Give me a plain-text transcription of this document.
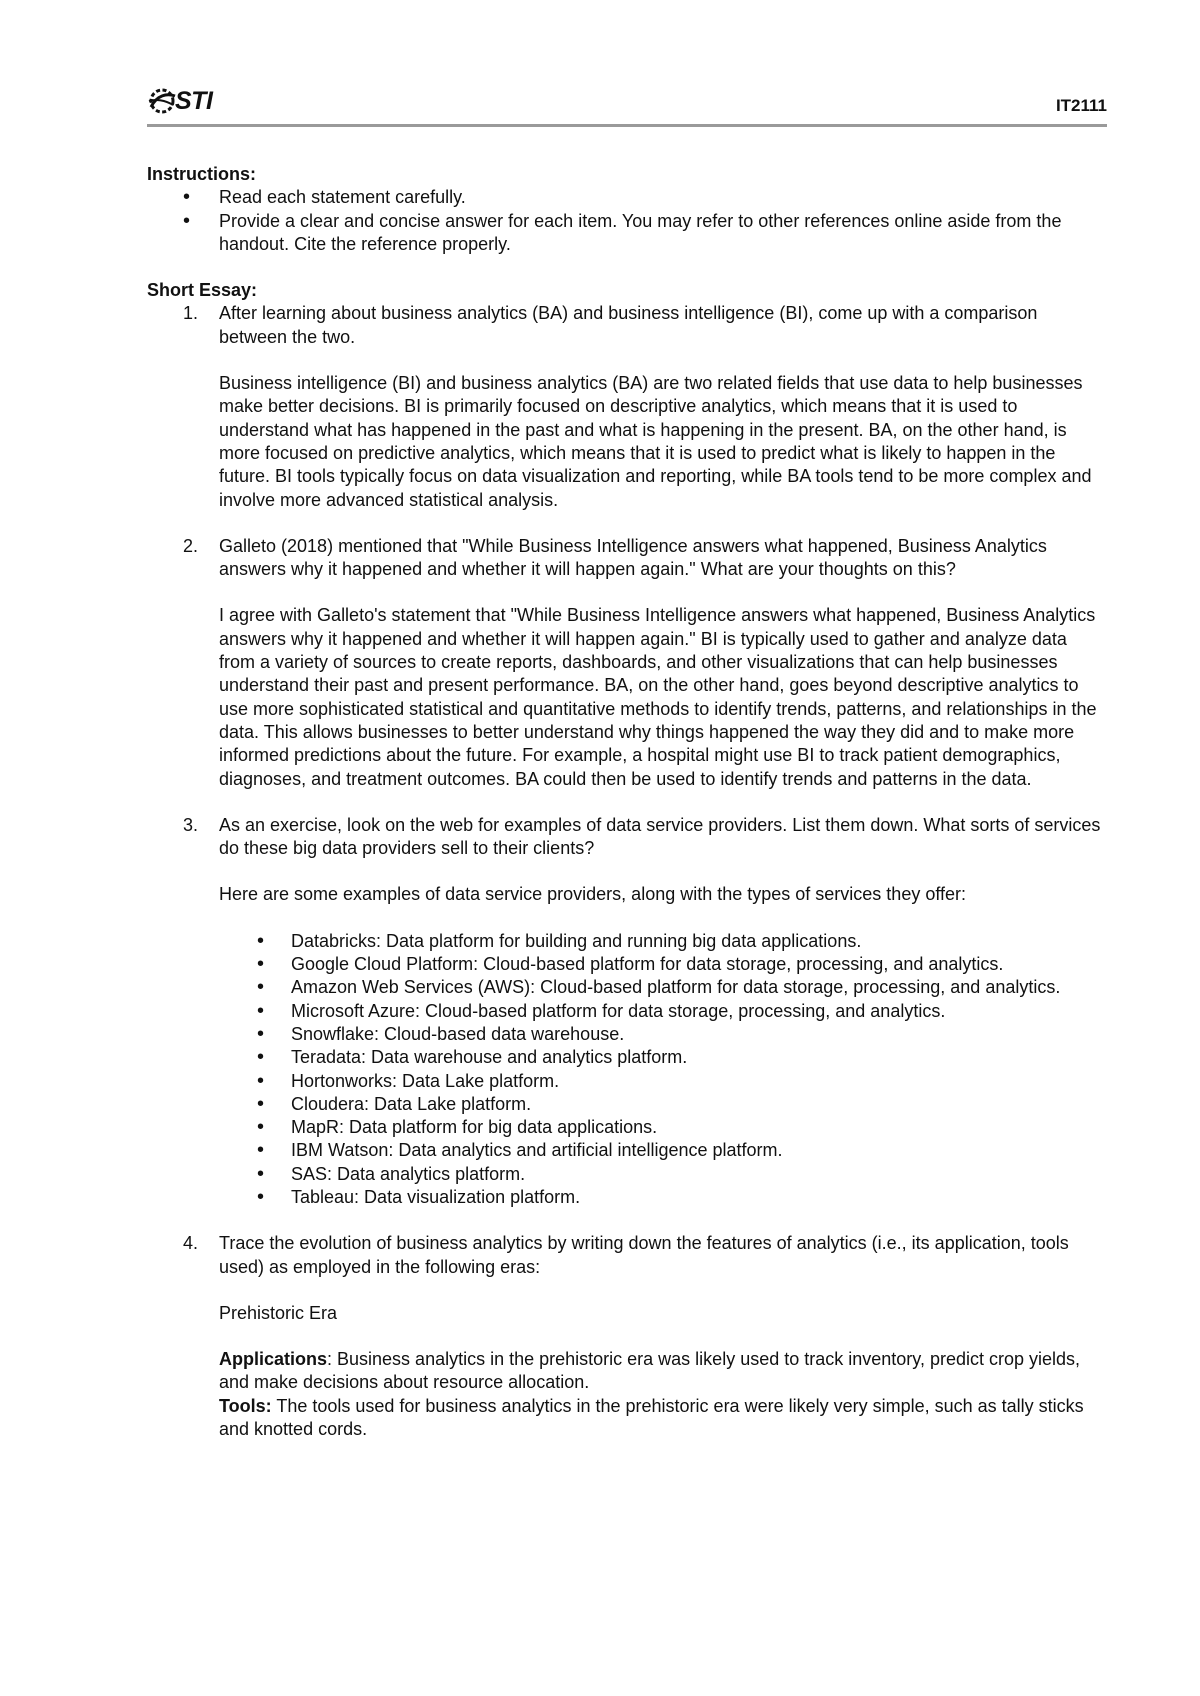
STI	IT2111
Instructions:
• Read each statement carefully.
• Provide a clear and concise answer for each item. You may refer to other references online aside from the handout. Cite the reference properly.
Short Essay:
1. After learning about business analytics (BA) and business intelligence (BI), come up with a comparison between the two.
Business intelligence (BI) and business analytics (BA) are two related fields that use data to help businesses make better decisions. BI is primarily focused on descriptive analytics, which means that it is used to understand what has happened in the past and what is happening in the present. BA, on the other hand, is more focused on predictive analytics, which means that it is used to predict what is likely to happen in the future. BI tools typically focus on data visualization and reporting, while BA tools tend to be more complex and involve more advanced statistical analysis.
2. Galleto (2018) mentioned that "While Business Intelligence answers what happened, Business Analytics answers why it happened and whether it will happen again." What are your thoughts on this?
I agree with Galleto's statement that "While Business Intelligence answers what happened, Business Analytics answers why it happened and whether it will happen again." BI is typically used to gather and analyze data from a variety of sources to create reports, dashboards, and other visualizations that can help businesses understand their past and present performance. BA, on the other hand, goes beyond descriptive analytics to use more sophisticated statistical and quantitative methods to identify trends, patterns, and relationships in the data. This allows businesses to better understand why things happened the way they did and to make more informed predictions about the future. For example, a hospital might use BI to track patient demographics, diagnoses, and treatment outcomes. BA could then be used to identify trends and patterns in the data.
3. As an exercise, look on the web for examples of data service providers. List them down. What sorts of services do these big data providers sell to their clients?
Here are some examples of data service providers, along with the types of services they offer:
• Databricks: Data platform for building and running big data applications.
• Google Cloud Platform: Cloud-based platform for data storage, processing, and analytics.
• Amazon Web Services (AWS): Cloud-based platform for data storage, processing, and analytics.
• Microsoft Azure: Cloud-based platform for data storage, processing, and analytics.
• Snowflake: Cloud-based data warehouse.
• Teradata: Data warehouse and analytics platform.
• Hortonworks: Data Lake platform.
• Cloudera: Data Lake platform.
• MapR: Data platform for big data applications.
• IBM Watson: Data analytics and artificial intelligence platform.
• SAS: Data analytics platform.
• Tableau: Data visualization platform.
4. Trace the evolution of business analytics by writing down the features of analytics (i.e., its application, tools used) as employed in the following eras:
Prehistoric Era
Applications: Business analytics in the prehistoric era was likely used to track inventory, predict crop yields, and make decisions about resource allocation.
Tools: The tools used for business analytics in the prehistoric era were likely very simple, such as tally sticks and knotted cords.
